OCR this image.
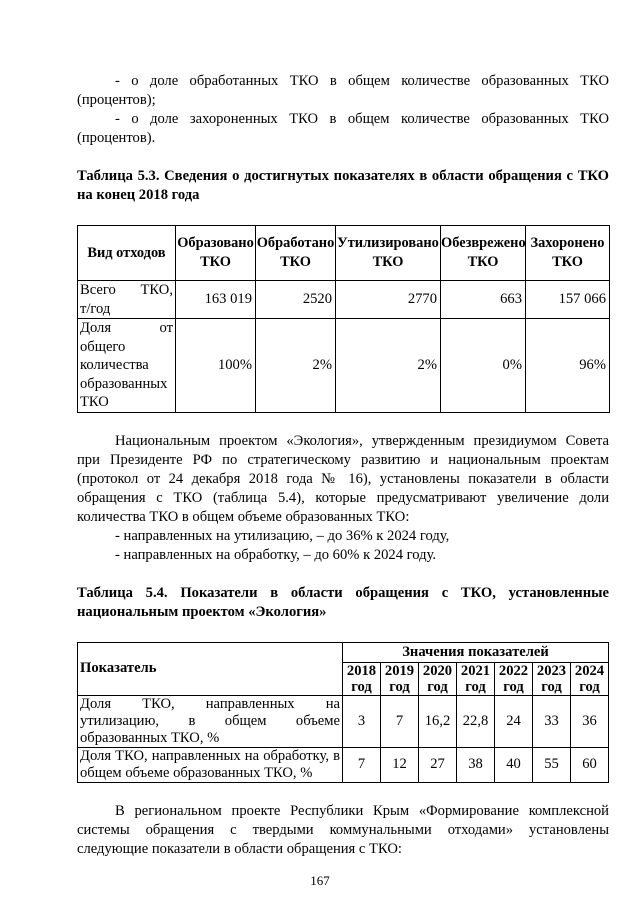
- о доле обработанных ТКО в общем количестве образованных ТКО

(процентов);

- о доле захороненных ТКО в общем количестве образованных ТКО

(процентов).

Таблица 5.3. Сведения о достигнутых показателях в области обращения с ТКО на конец 2018 года

Вид отходов	Образовано ТКО	Обработано ТКО	Утилизировано ТКО	Обезврежено ТКО	Захоронено ТКО

Всего ТКО,
т/год	163 019	2520	2770	663	157 066

Доля от
общего количества образованных ТКО	100%	2%	2%	0%	96%

Национальным проектом «Экология», утвержденным президиумом Совета при Президенте РФ по стратегическому развитию и национальным проектам (протокол от 24 декабря 2018 года № 16), установлены показатели в области обращения с ТКО (таблица 5.4), которые предусматривают увеличение доли количества ТКО в общем объеме образованных ТКО:

- направленных на утилизацию, – до 36% к 2024 году,

- направленных на обработку, – до 60% к 2024 году.

Таблица 5.4. Показатели в области обращения с ТКО, установленные национальным проектом «Экология»

Показатель	Значения показателей						
	2018 год	2019 год	2020 год	2021 год	2022 год	2023 год	2024 год
Доля ТКО, направленных на утилизацию, в общем объеме образованных ТКО, %	3	7	16,2	22,8	24	33	36
Доля ТКО, направленных на обработку, в общем объеме образованных ТКО, %	7	12	27	38	40	55	60

В региональном проекте Республики Крым «Формирование комплексной системы обращения с твердыми коммунальными отходами» установлены следующие показатели в области обращения с ТКО:

167
